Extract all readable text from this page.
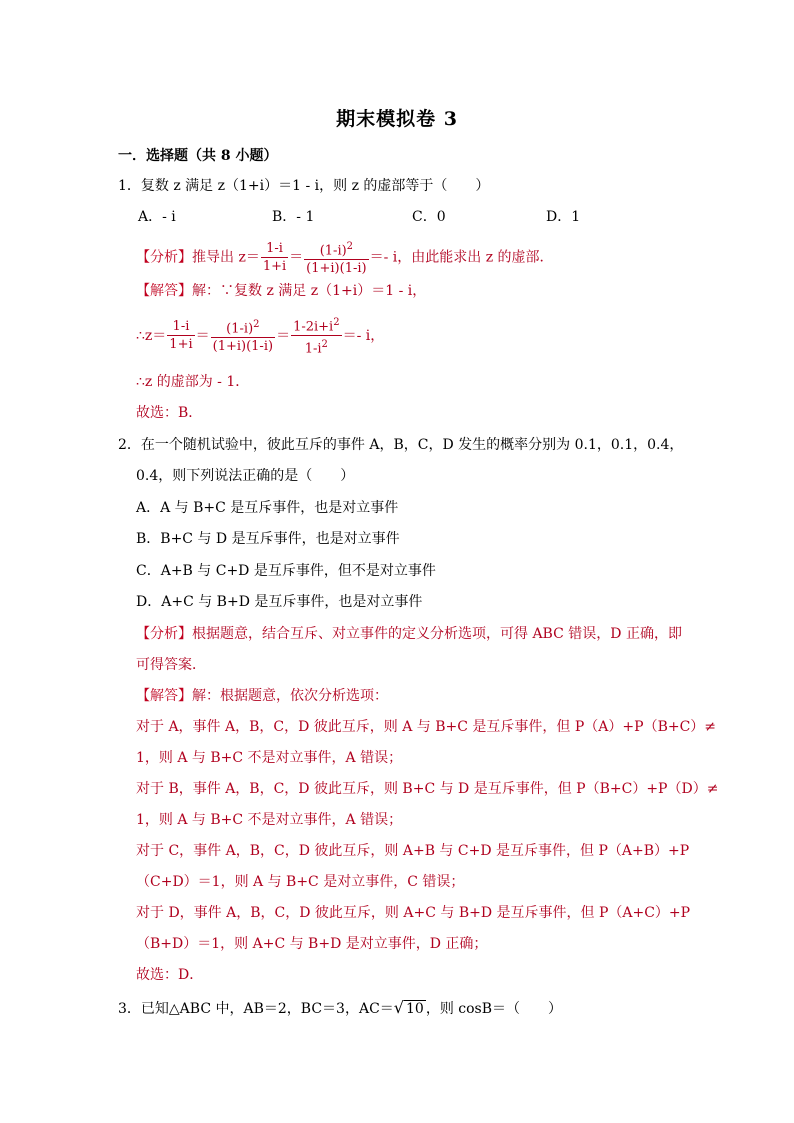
期末模拟卷 3
一．选择题（共 8 小题）
1．复数 z 满足 z（1+i）＝1 - i，则 z 的虚部等于（　　）
A．- i	B．- 1	C．0	D．1
【分析】推导出 $z= \frac{1-i}{1+i} = \frac{(1-i)^2}{(1+i)(1-i)} =- i$，由此能求出 z 的虚部．
【解答】解：∵复数 z 满足 z（1+i）＝1 - i，
∴z＝ $\frac{1-i}{1+i} = \frac{(1-i)^2}{(1+i)(1-i)} = \frac{1-2i+i^2}{1-i^2} =- i$，
∴z 的虚部为 - 1．
故选：B．
2．在一个随机试验中，彼此互斥的事件 A，B，C，D 发生的概率分别为 0.1，0.1，0.4，
0.4，则下列说法正确的是（　　）
A．A 与 B+C 是互斥事件，也是对立事件
B．B+C 与 D 是互斥事件，也是对立事件
C．A+B 与 C+D 是互斥事件，但不是对立事件
D．A+C 与 B+D 是互斥事件，也是对立事件
【分析】根据题意，结合互斥、对立事件的定义分析选项，可得 ABC 错误，D 正确，即
可得答案．
【解答】解：根据题意，依次分析选项：
对于 A，事件 A，B，C，D 彼此互斥，则 A 与 B+C 是互斥事件，但 P（A）+P（B+C）≠
1，则 A 与 B+C 不是对立事件，A 错误；
对于 B，事件 A，B，C，D 彼此互斥，则 B+C 与 D 是互斥事件，但 P（B+C）+P（D）≠
1，则 A 与 B+C 不是对立事件，A 错误；
对于 C，事件 A，B，C，D 彼此互斥，则 A+B 与 C+D 是互斥事件，但 P（A+B）+P
（C+D）＝1，则 A 与 B+C 是对立事件，C 错误；
对于 D，事件 A，B，C，D 彼此互斥，则 A+C 与 B+D 是互斥事件，但 P（A+C）+P
（B+D）＝1，则 A+C 与 B+D 是对立事件，D 正确；
故选：D．
3．已知△ABC 中，AB＝2，BC＝3，AC＝√ 10 ，则 cosB＝（　　）
